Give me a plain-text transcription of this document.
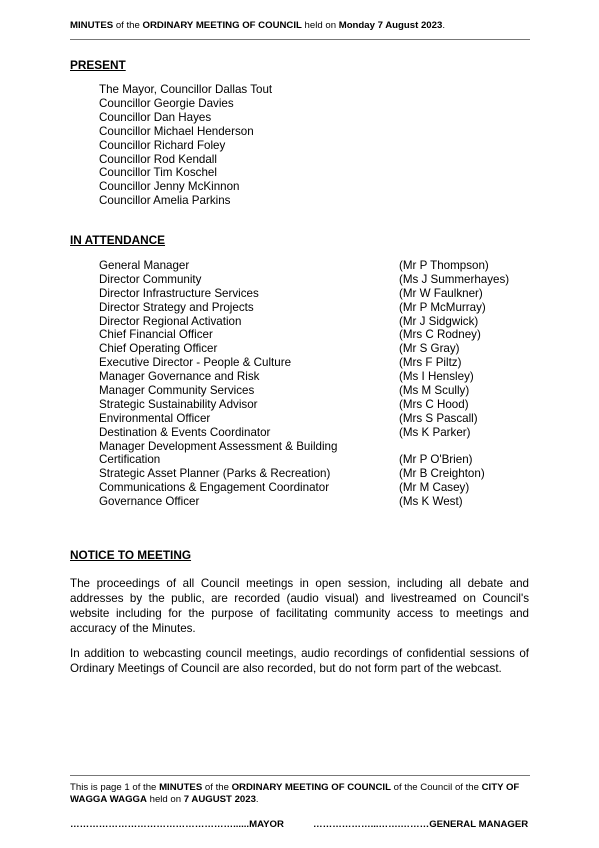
MINUTES of the ORDINARY MEETING OF COUNCIL held on Monday 7 August 2023.
PRESENT
The Mayor, Councillor Dallas Tout
Councillor Georgie Davies
Councillor Dan Hayes
Councillor Michael Henderson
Councillor Richard Foley
Councillor Rod Kendall
Councillor Tim Koschel
Councillor Jenny McKinnon
Councillor Amelia Parkins
IN ATTENDANCE
General Manager	(Mr P Thompson)
Director Community	(Ms J Summerhayes)
Director Infrastructure Services	(Mr W Faulkner)
Director Strategy and Projects	(Mr P McMurray)
Director Regional Activation	(Mr J Sidgwick)
Chief Financial Officer	(Mrs C Rodney)
Chief Operating Officer	(Mr S Gray)
Executive Director - People & Culture	(Mrs F Piltz)
Manager Governance and Risk	(Ms I Hensley)
Manager Community Services	(Ms M Scully)
Strategic Sustainability Advisor	(Mrs C Hood)
Environmental Officer	(Mrs S Pascall)
Destination & Events Coordinator	(Ms K Parker)
Manager Development Assessment & Building
Certification	(Mr P O'Brien)
Strategic Asset Planner (Parks & Recreation)	(Mr B Creighton)
Communications & Engagement Coordinator	(Mr M Casey)
Governance Officer	(Ms K West)
NOTICE TO MEETING
The proceedings of all Council meetings in open session, including all debate and addresses by the public, are recorded (audio visual) and livestreamed on Council's website including for the purpose of facilitating community access to meetings and accuracy of the Minutes.
In addition to webcasting council meetings, audio recordings of confidential sessions of Ordinary Meetings of Council are also recorded, but do not form part of the webcast.
This is page 1 of the MINUTES of the ORDINARY MEETING OF COUNCIL of the Council of the CITY OF WAGGA WAGGA held on 7 AUGUST 2023.
……………………………………………......MAYOR	………………...…….………GENERAL MANAGER
